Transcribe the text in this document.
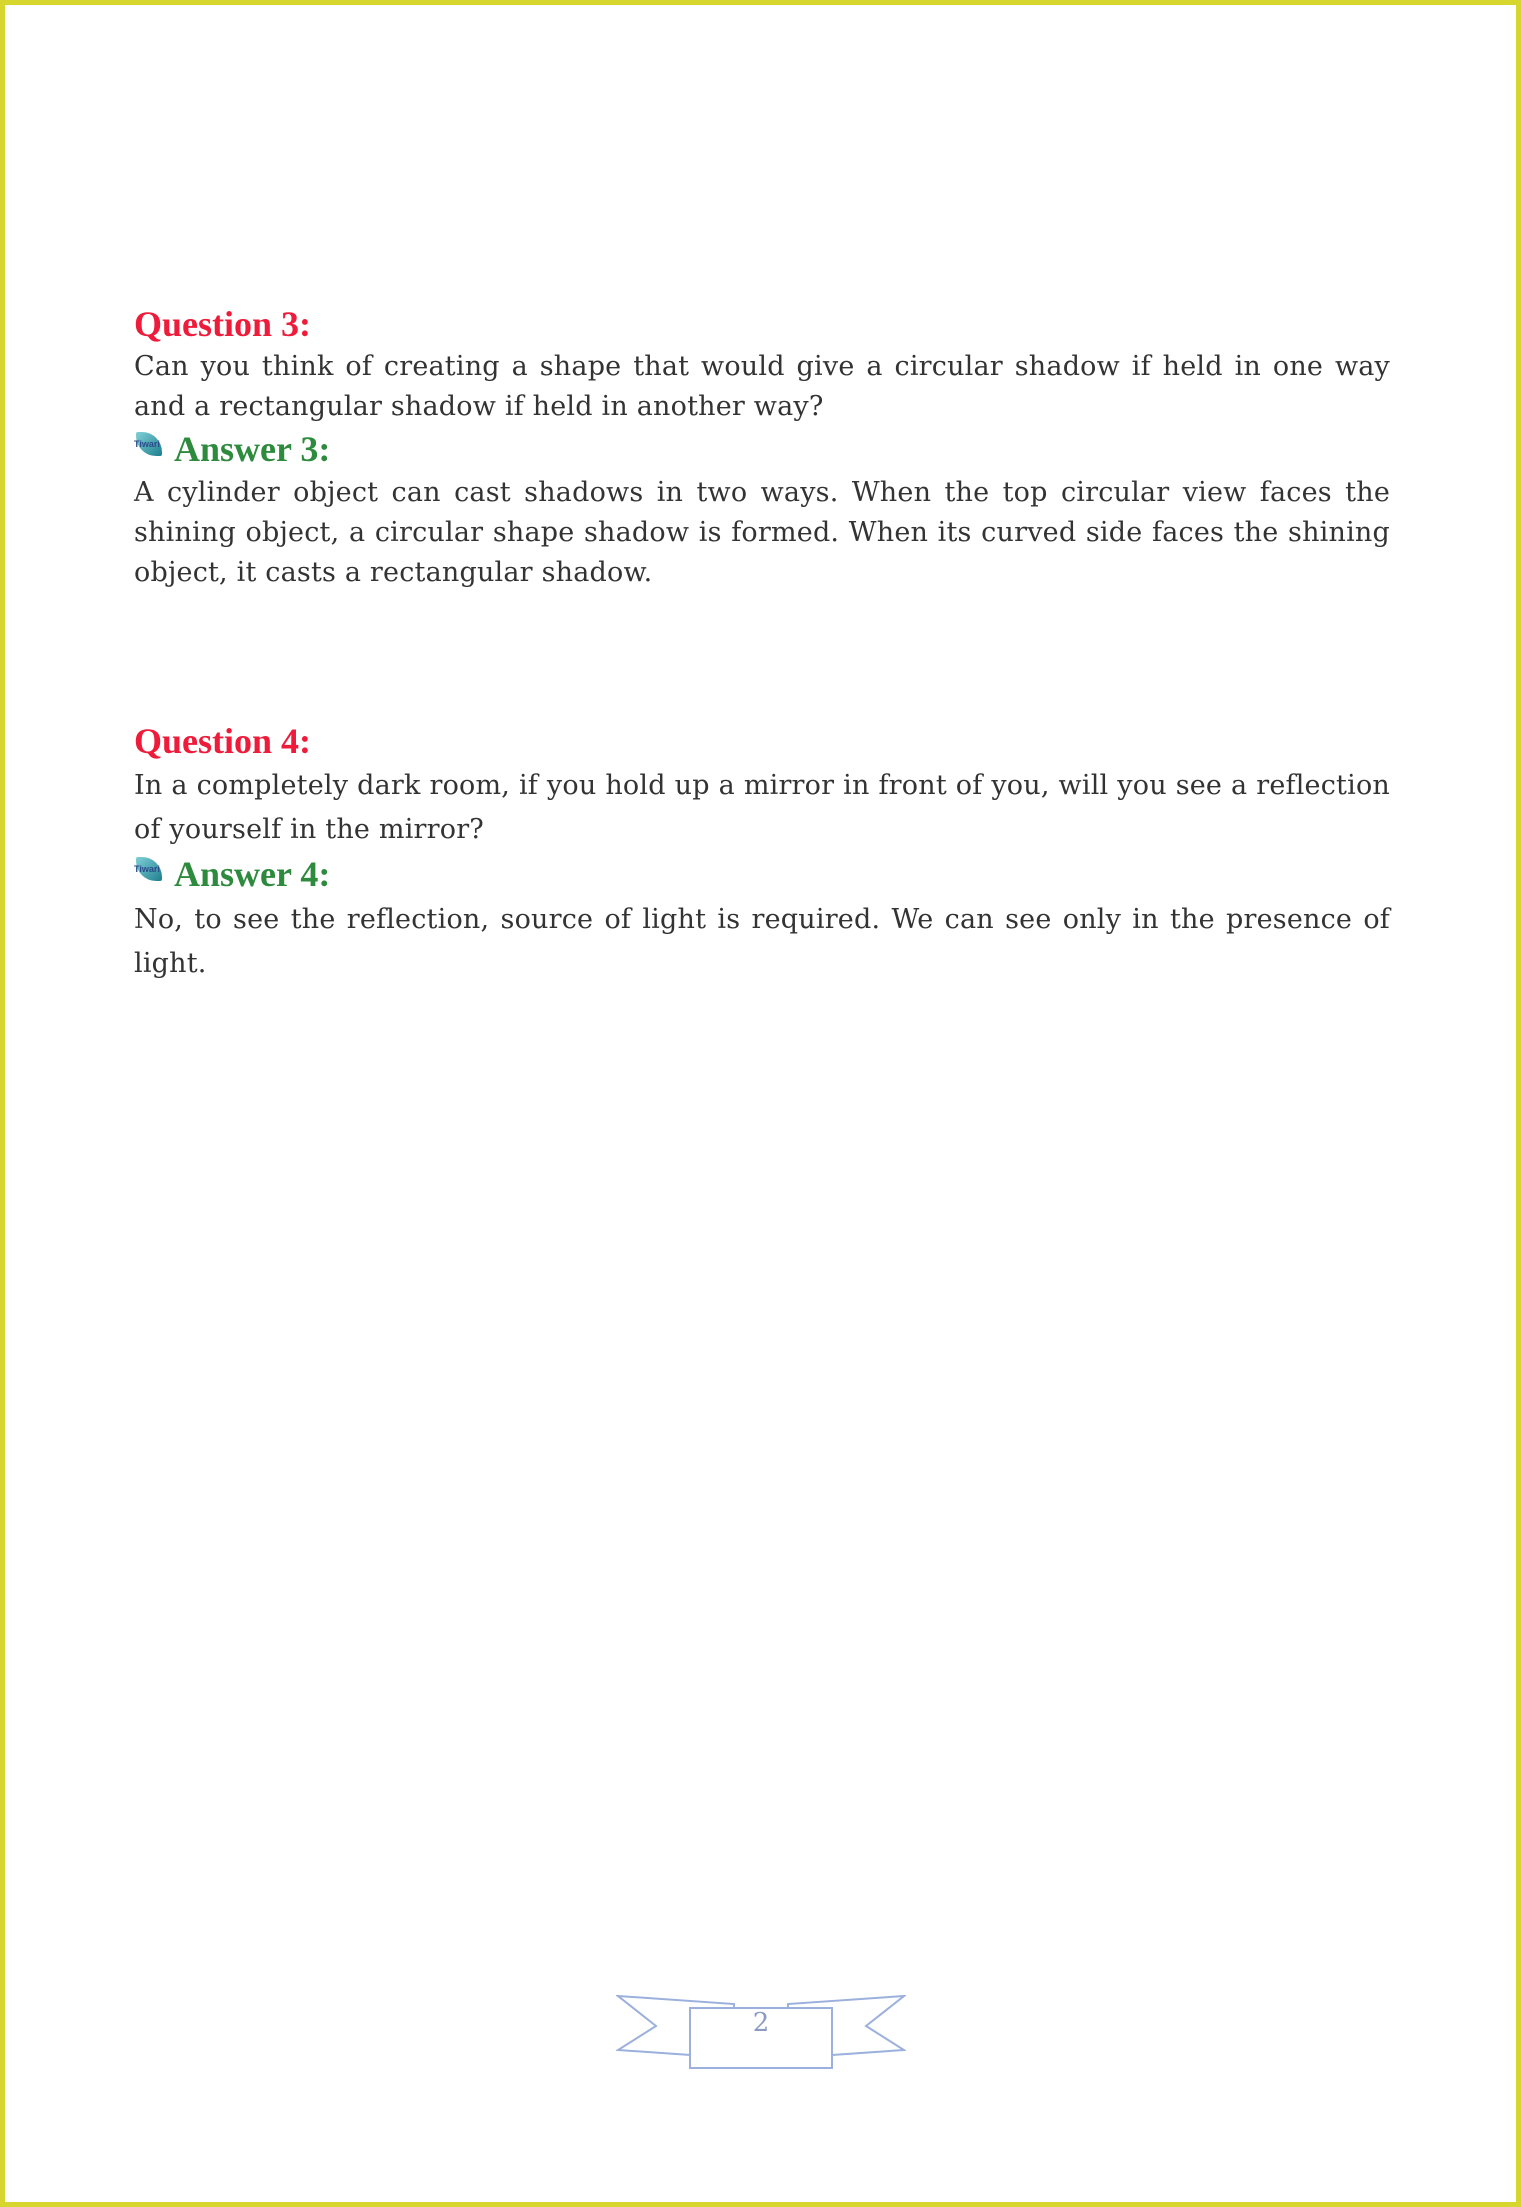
Question 3:
Can you think of creating a shape that would give a circular shadow if held in one way and a rectangular shadow if held in another way?
Tiwari Answer 3:
A cylinder object can cast shadows in two ways. When the top circular view faces the shining object, a circular shape shadow is formed. When its curved side faces the shining object, it casts a rectangular shadow.
Question 4:
In a completely dark room, if you hold up a mirror in front of you, will you see a reflection of yourself in the mirror?
Tiwari Answer 4:
No, to see the reflection, source of light is required. We can see only in the presence of light.
2
